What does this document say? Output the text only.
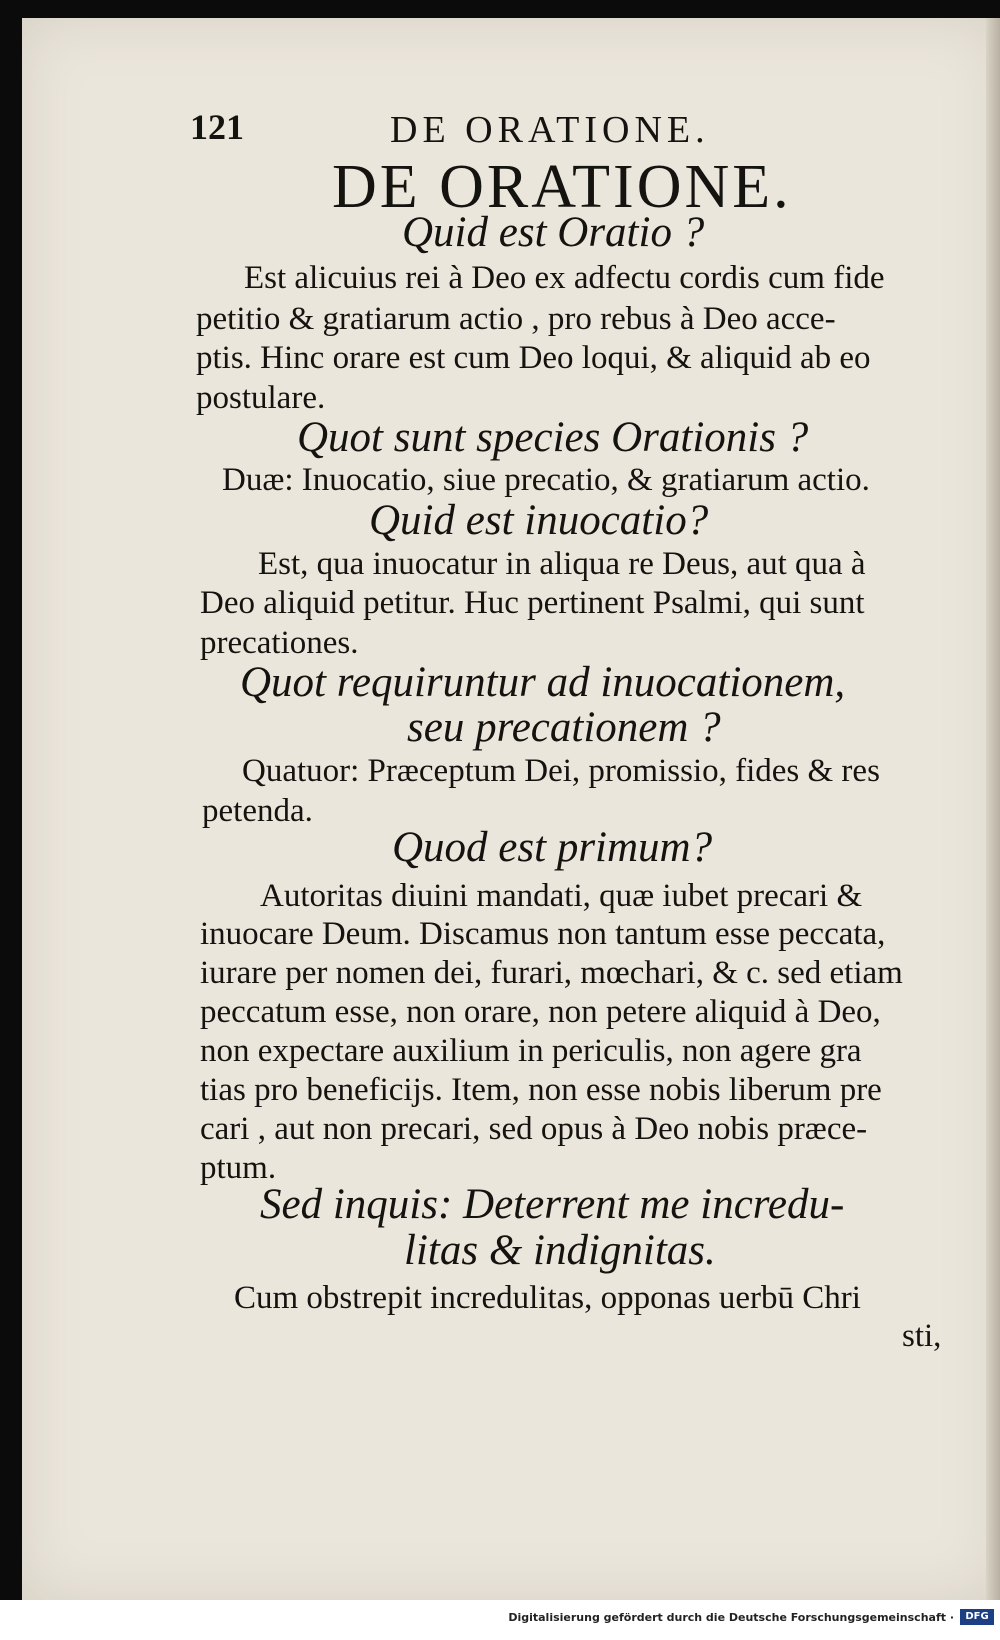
121	DE ORATIONE.
DE ORATIONE.
Quid est Oratio ?
Est alicuius rei à Deo ex adfectu cordis cum fide
petitio & gratiarum actio , pro rebus à Deo acce-
ptis. Hinc orare est cum Deo loqui, & aliquid ab eo
postulare.
Quot sunt species Orationis ?
Duæ: Inuocatio, siue precatio, & gratiarum actio.
Quid est inuocatio?
Est, qua inuocatur in aliqua re Deus, aut qua à
Deo aliquid petitur. Huc pertinent Psalmi, qui sunt
precationes.
Quot requiruntur ad inuocationem,
seu precationem ?
Quatuor: Præceptum Dei, promissio, fides & res
petenda.
Quod est primum?
Autoritas diuini mandati, quæ iubet precari &
inuocare Deum. Discamus non tantum esse peccata,
iurare per nomen dei, furari, mœchari, & c. sed etiam
peccatum esse, non orare, non petere aliquid à Deo,
non expectare auxilium in periculis, non agere gra
tias pro beneficijs. Item, non esse nobis liberum pre
cari , aut non precari, sed opus à Deo nobis præce-
ptum.
Sed inquis: Deterrent me incredu-
litas & indignitas.
Cum obstrepit incredulitas, opponas uerbū Chri
sti,
Digitalisierung gefördert durch die Deutsche Forschungsgemeinschaft ·	DFG
